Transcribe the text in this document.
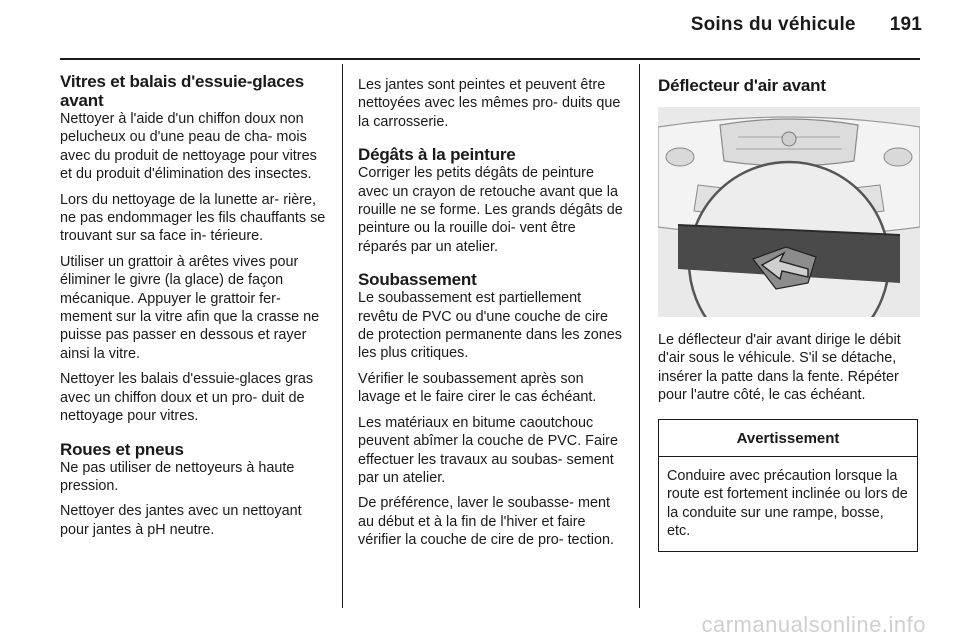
Soins du véhicule 191
Vitres et balais d'essuie-glaces avant

Nettoyer à l'aide d'un chiffon doux non pelucheux ou d'une peau de cha- mois avec du produit de nettoyage pour vitres et du produit d'élimination des insectes.

Lors du nettoyage de la lunette ar- rière, ne pas endommager les fils chauffants se trouvant sur sa face in- térieure.

Utiliser un grattoir à arêtes vives pour éliminer le givre (la glace) de façon mécanique. Appuyer le grattoir fer- mement sur la vitre afin que la crasse ne puisse pas passer en dessous et rayer ainsi la vitre.

Nettoyer les balais d'essuie-glaces gras avec un chiffon doux et un pro- duit de nettoyage pour vitres.

Roues et pneus

Ne pas utiliser de nettoyeurs à haute pression.

Nettoyer des jantes avec un nettoyant pour jantes à pH neutre.

Les jantes sont peintes et peuvent être nettoyées avec les mêmes pro- duits que la carrosserie.

Dégâts à la peinture

Corriger les petits dégâts de peinture avec un crayon de retouche avant que la rouille ne se forme. Les grands dégâts de peinture ou la rouille doi- vent être réparés par un atelier.

Soubassement

Le soubassement est partiellement revêtu de PVC ou d'une couche de cire de protection permanente dans les zones les plus critiques.

Vérifier le soubassement après son lavage et le faire cirer le cas échéant.

Les matériaux en bitume caoutchouc peuvent abîmer la couche de PVC. Faire effectuer les travaux au soubas- sement par un atelier.

De préférence, laver le soubasse- ment au début et à la fin de l'hiver et faire vérifier la couche de cire de pro- tection.

Déflecteur d'air avant

Le déflecteur d'air avant dirige le débit d'air sous le véhicule. S'il se détache, insérer la patte dans la fente. Répéter pour l'autre côté, le cas échéant.

Avertissement
Conduire avec précaution lorsque la route est fortement inclinée ou lors de la conduite sur une rampe, bosse, etc.
carmanualsonline.info
